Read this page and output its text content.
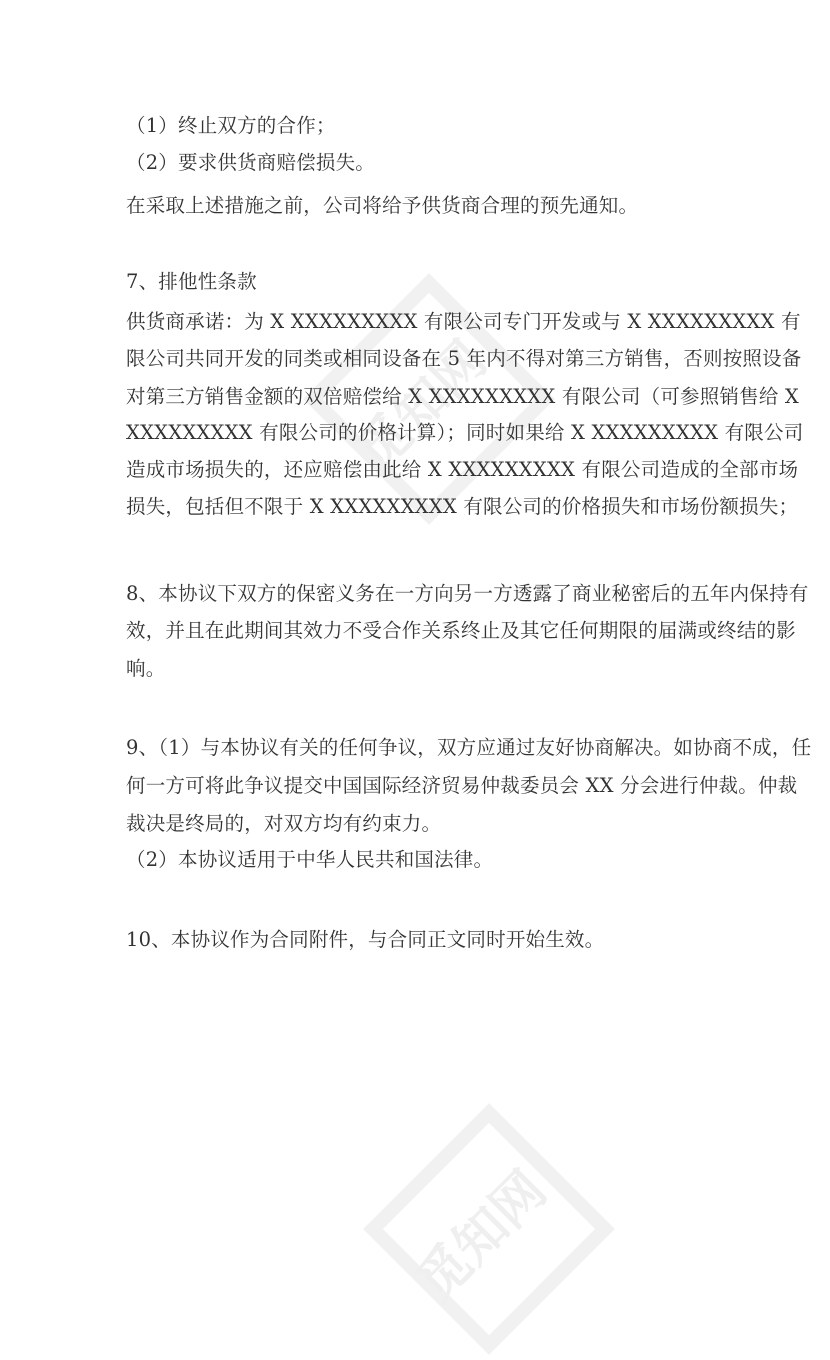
觅知网
觅知网
（1）终止双方的合作；
（2）要求供货商赔偿损失。
在采取上述措施之前，公司将给予供货商合理的预先通知。
7、排他性条款
供货商承诺：为 X XXXXXXXXX 有限公司专门开发或与 X XXXXXXXXX 有
限公司共同开发的同类或相同设备在 5 年内不得对第三方销售，否则按照设备
对第三方销售金额的双倍赔偿给 X XXXXXXXXX 有限公司（可参照销售给 X
XXXXXXXXX 有限公司的价格计算）；同时如果给 X XXXXXXXXX 有限公司
造成市场损失的，还应赔偿由此给 X XXXXXXXXX 有限公司造成的全部市场
损失，包括但不限于 X XXXXXXXXX 有限公司的价格损失和市场份额损失；
8、本协议下双方的保密义务在一方向另一方透露了商业秘密后的五年内保持有
效，并且在此期间其效力不受合作关系终止及其它任何期限的届满或终结的影
响。
9、（1）与本协议有关的任何争议，双方应通过友好协商解决。如协商不成，任
何一方可将此争议提交中国国际经济贸易仲裁委员会 XX 分会进行仲裁。仲裁
裁决是终局的，对双方均有约束力。
（2）本协议适用于中华人民共和国法律。
10、本协议作为合同附件，与合同正文同时开始生效。
